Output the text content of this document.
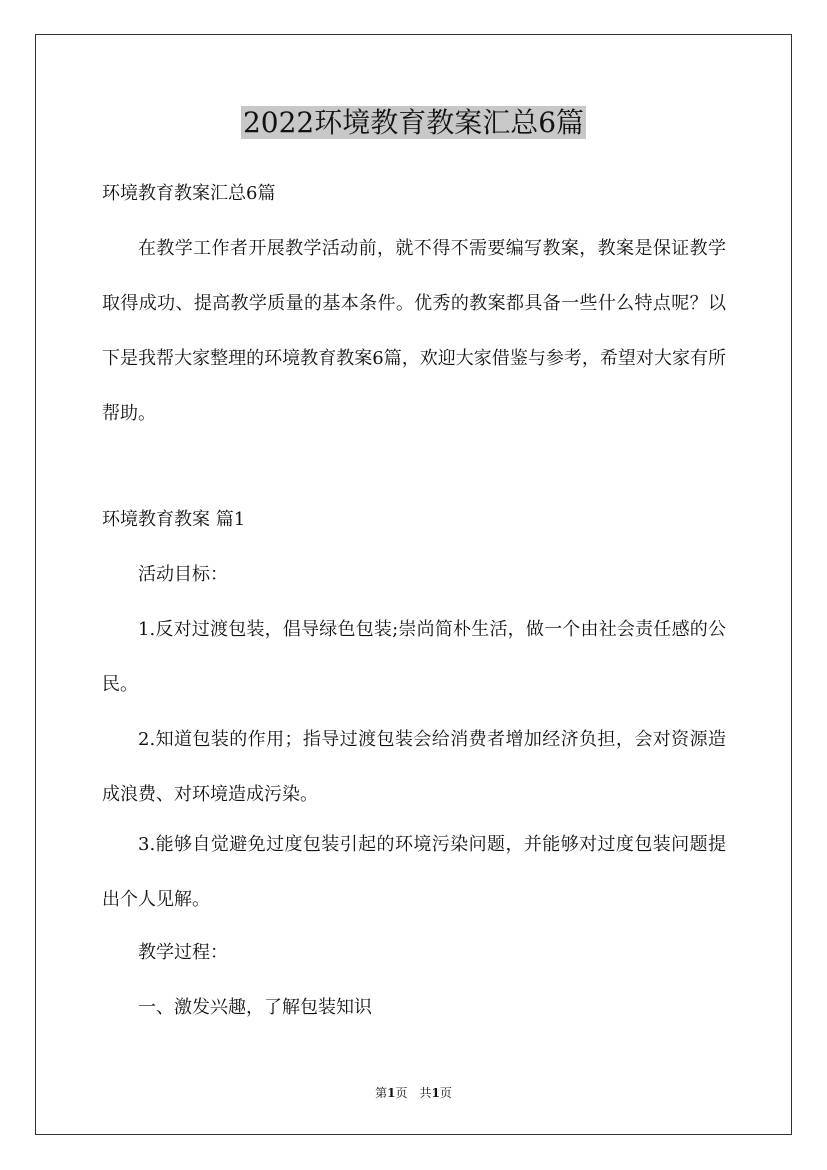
2022环境教育教案汇总6篇

环境教育教案汇总6篇

在教学工作者开展教学活动前，就不得不需要编写教案，教案是保证教学取得成功、提高教学质量的基本条件。优秀的教案都具备一些什么特点呢？以下是我帮大家整理的环境教育教案6篇，欢迎大家借鉴与参考，希望对大家有所帮助。

环境教育教案 篇1

活动目标：

1.反对过渡包装，倡导绿色包装;崇尚简朴生活，做一个由社会责任感的公民。

2.知道包装的作用；指导过渡包装会给消费者增加经济负担，会对资源造成浪费、对环境造成污染。

3.能够自觉避免过度包装引起的环境污染问题，并能够对过度包装问题提出个人见解。

教学过程：

一、激发兴趣，了解包装知识

第1页　共1页
